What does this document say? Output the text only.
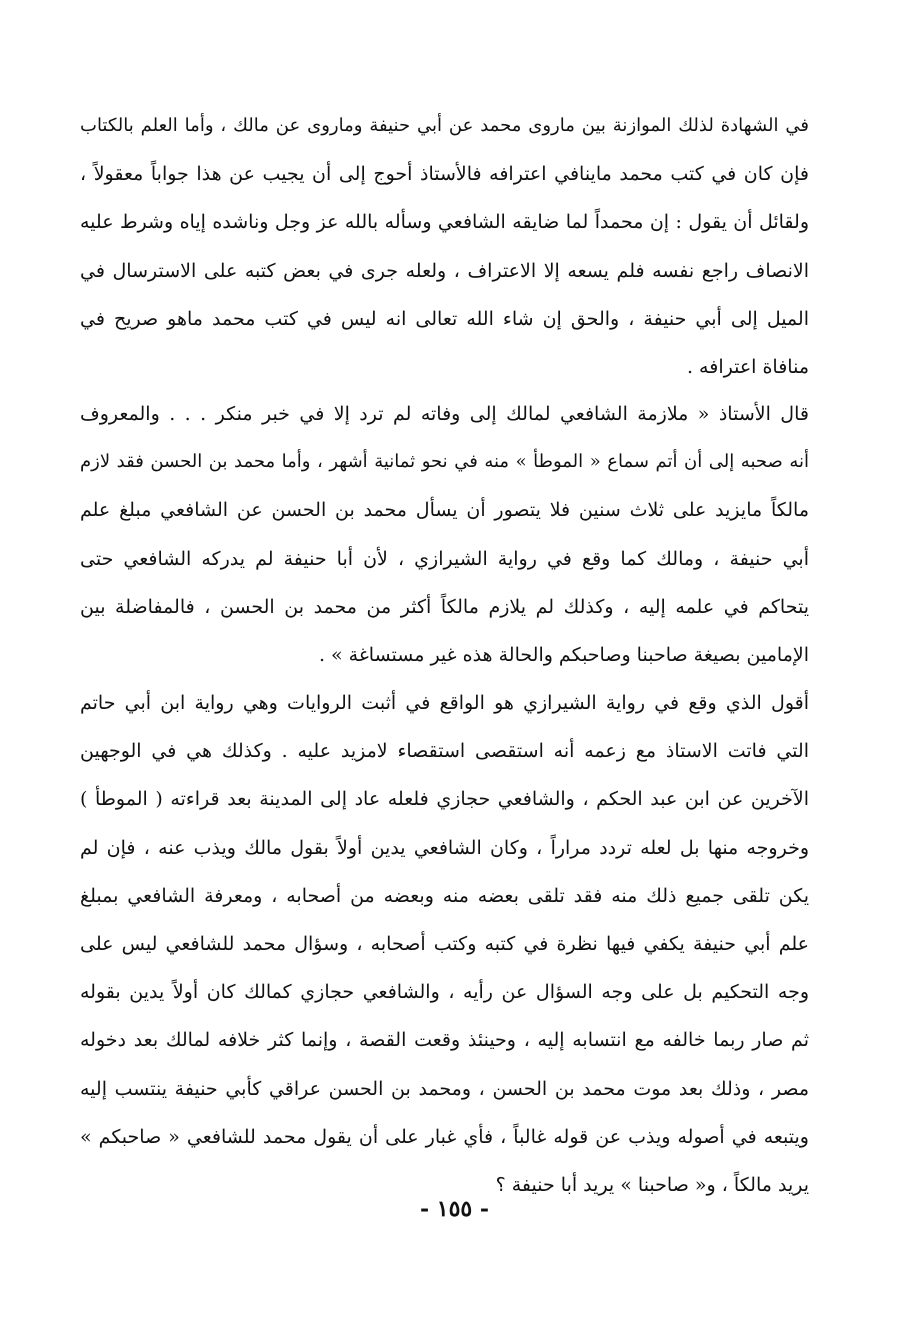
في الشهادة لذلك الموازنة بين ماروى محمد عن أبي حنيفة وماروى عن مالك ، وأما العلم بالكتاب
فإن كان في كتب محمد ماينافي اعترافه فالأستاذ أحوج إلى أن يجيب عن هذا جواباً معقولاً ،
ولقائل أن يقول : إن محمداً لما ضايقه الشافعي وسأله بالله عز وجل وناشده إياه وشرط عليه
الانصاف راجع نفسه فلم يسعه إلا الاعتراف ، ولعله جرى في بعض كتبه على الاسترسال في
الميل إلى أبي حنيفة ، والحق إن شاء الله تعالى انه ليس في كتب محمد ماهو صريح في
منافاة اعترافه .
قال الأستاذ « ملازمة الشافعي لمالك إلى وفاته لم ترد إلا في خبر منكر . . . والمعروف
أنه صحبه إلى أن أتم سماع « الموطأ » منه في نحو ثمانية أشهر ، وأما محمد بن الحسن فقد لازم
مالكاً مايزيد على ثلاث سنين فلا يتصور أن يسأل محمد بن الحسن عن الشافعي مبلغ علم
أبي حنيفة ، ومالك كما وقع في رواية الشيرازي ، لأن أبا حنيفة لم يدركه الشافعي حتى
يتحاكم في علمه إليه ، وكذلك لم يلازم مالكاً أكثر من محمد بن الحسن ، فالمفاضلة بين
الإمامين بصيغة صاحبنا وصاحبكم والحالة هذه غير مستساغة » .
أقول الذي وقع في رواية الشيرازي هو الواقع في أثبت الروايات وهي رواية ابن أبي حاتم
التي فاتت الاستاذ مع زعمه أنه استقصى استقصاء لامزيد عليه . وكذلك هي في الوجهين
الآخرين عن ابن عبد الحكم ، والشافعي حجازي فلعله عاد إلى المدينة بعد قراءته ( الموطأ )
وخروجه منها بل لعله تردد مراراً ، وكان الشافعي يدين أولاً بقول مالك ويذب عنه ، فإن لم
يكن تلقى جميع ذلك منه فقد تلقى بعضه منه وبعضه من أصحابه ، ومعرفة الشافعي بمبلغ
علم أبي حنيفة يكفي فيها نظرة في كتبه وكتب أصحابه ، وسؤال محمد للشافعي ليس على
وجه التحكيم بل على وجه السؤال عن رأيه ، والشافعي حجازي كمالك كان أولاً يدين بقوله
ثم صار ربما خالفه مع انتسابه إليه ، وحينئذ وقعت القصة ، وإنما كثر خلافه لمالك بعد دخوله
مصر ، وذلك بعد موت محمد بن الحسن ، ومحمد بن الحسن عراقي كأبي حنيفة ينتسب إليه
ويتبعه في أصوله ويذب عن قوله غالباً ، فأي غبار على أن يقول محمد للشافعي « صاحبكم »
يريد مالكاً ، و« صاحبنا » يريد أبا حنيفة ؟
- ١٥٥ -
